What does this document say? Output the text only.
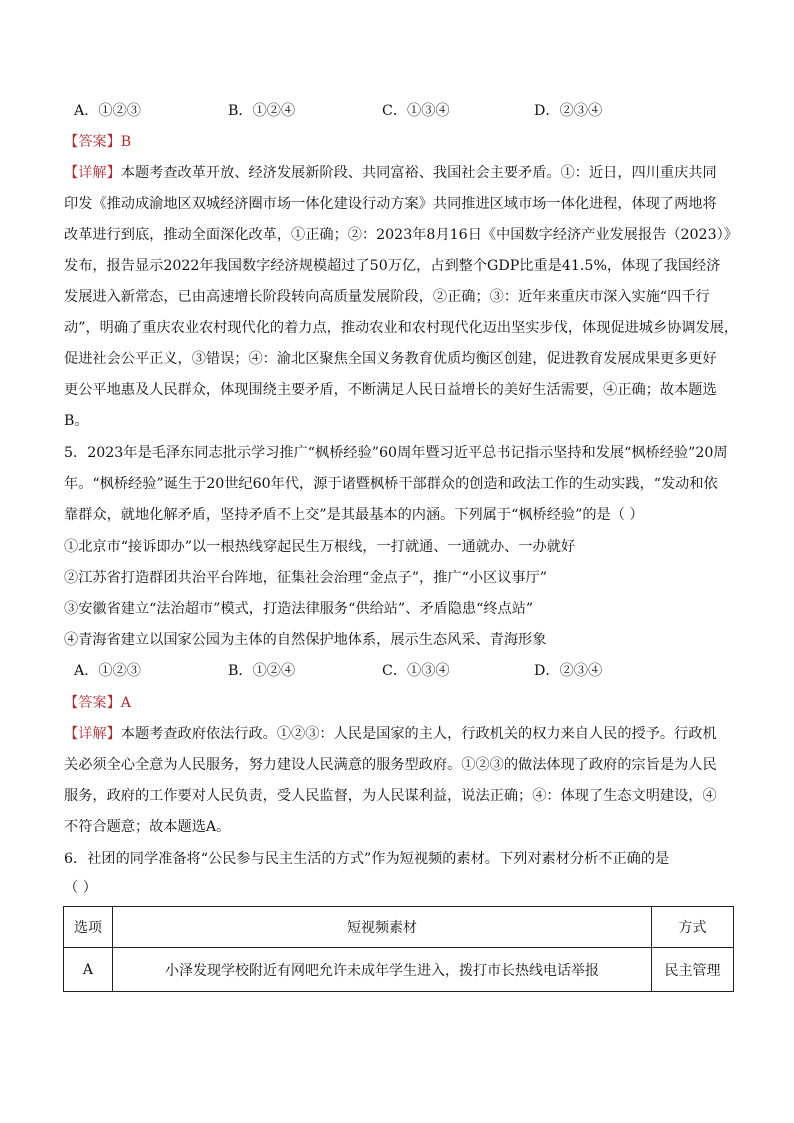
A．①②③	B．①②④	C．①③④	D．②③④
【答案】B
【详解】本题考查改革开放、经济发展新阶段、共同富裕、我国社会主要矛盾。①：近日，四川重庆共同
印发《推动成渝地区双城经济圈市场一体化建设行动方案》共同推进区域市场一体化进程，体现了两地将
改革进行到底，推动全面深化改革，①正确；②：2023年8月16日《中国数字经济产业发展报告（2023）》
发布，报告显示2022年我国数字经济规模超过了50万亿，占到整个GDP比重是41.5%，体现了我国经济
发展进入新常态，已由高速增长阶段转向高质量发展阶段，②正确；③：近年来重庆市深入实施“四千行
动”，明确了重庆农业农村现代化的着力点，推动农业和农村现代化迈出坚实步伐，体现促进城乡协调发展，
促进社会公平正义，③错误；④：渝北区聚焦全国义务教育优质均衡区创建，促进教育发展成果更多更好
更公平地惠及人民群众，体现围绕主要矛盾，不断满足人民日益增长的美好生活需要，④正确；故本题选
B。
5．2023年是毛泽东同志批示学习推广“枫桥经验”60周年暨习近平总书记指示坚持和发展“枫桥经验”20周
年。“枫桥经验”诞生于20世纪60年代，源于诸暨枫桥干部群众的创造和政法工作的生动实践，“发动和依
靠群众，就地化解矛盾，坚持矛盾不上交”是其最基本的内涵。下列属于“枫桥经验”的是（ ）
①北京市“接诉即办”以一根热线穿起民生万根线，一打就通、一通就办、一办就好
②江苏省打造群团共治平台阵地，征集社会治理“金点子”，推广“小区议事厅”
③安徽省建立“法治超市”模式，打造法律服务“供给站”、矛盾隐患“终点站”
④青海省建立以国家公园为主体的自然保护地体系，展示生态风采、青海形象
A．①②③	B．①②④	C．①③④	D．②③④
【答案】A
【详解】本题考查政府依法行政。①②③：人民是国家的主人，行政机关的权力来自人民的授予。行政机
关必须全心全意为人民服务，努力建设人民满意的服务型政府。①②③的做法体现了政府的宗旨是为人民
服务，政府的工作要对人民负责，受人民监督，为人民谋利益，说法正确；④：体现了生态文明建设，④
不符合题意；故本题选A。
6．社团的同学准备将“公民参与民主生活的方式”作为短视频的素材。下列对素材分析不正确的是
（ ）
选项	短视频素材	方式
A	小泽发现学校附近有网吧允许未成年学生进入，拨打市长热线电话举报	民主管理
